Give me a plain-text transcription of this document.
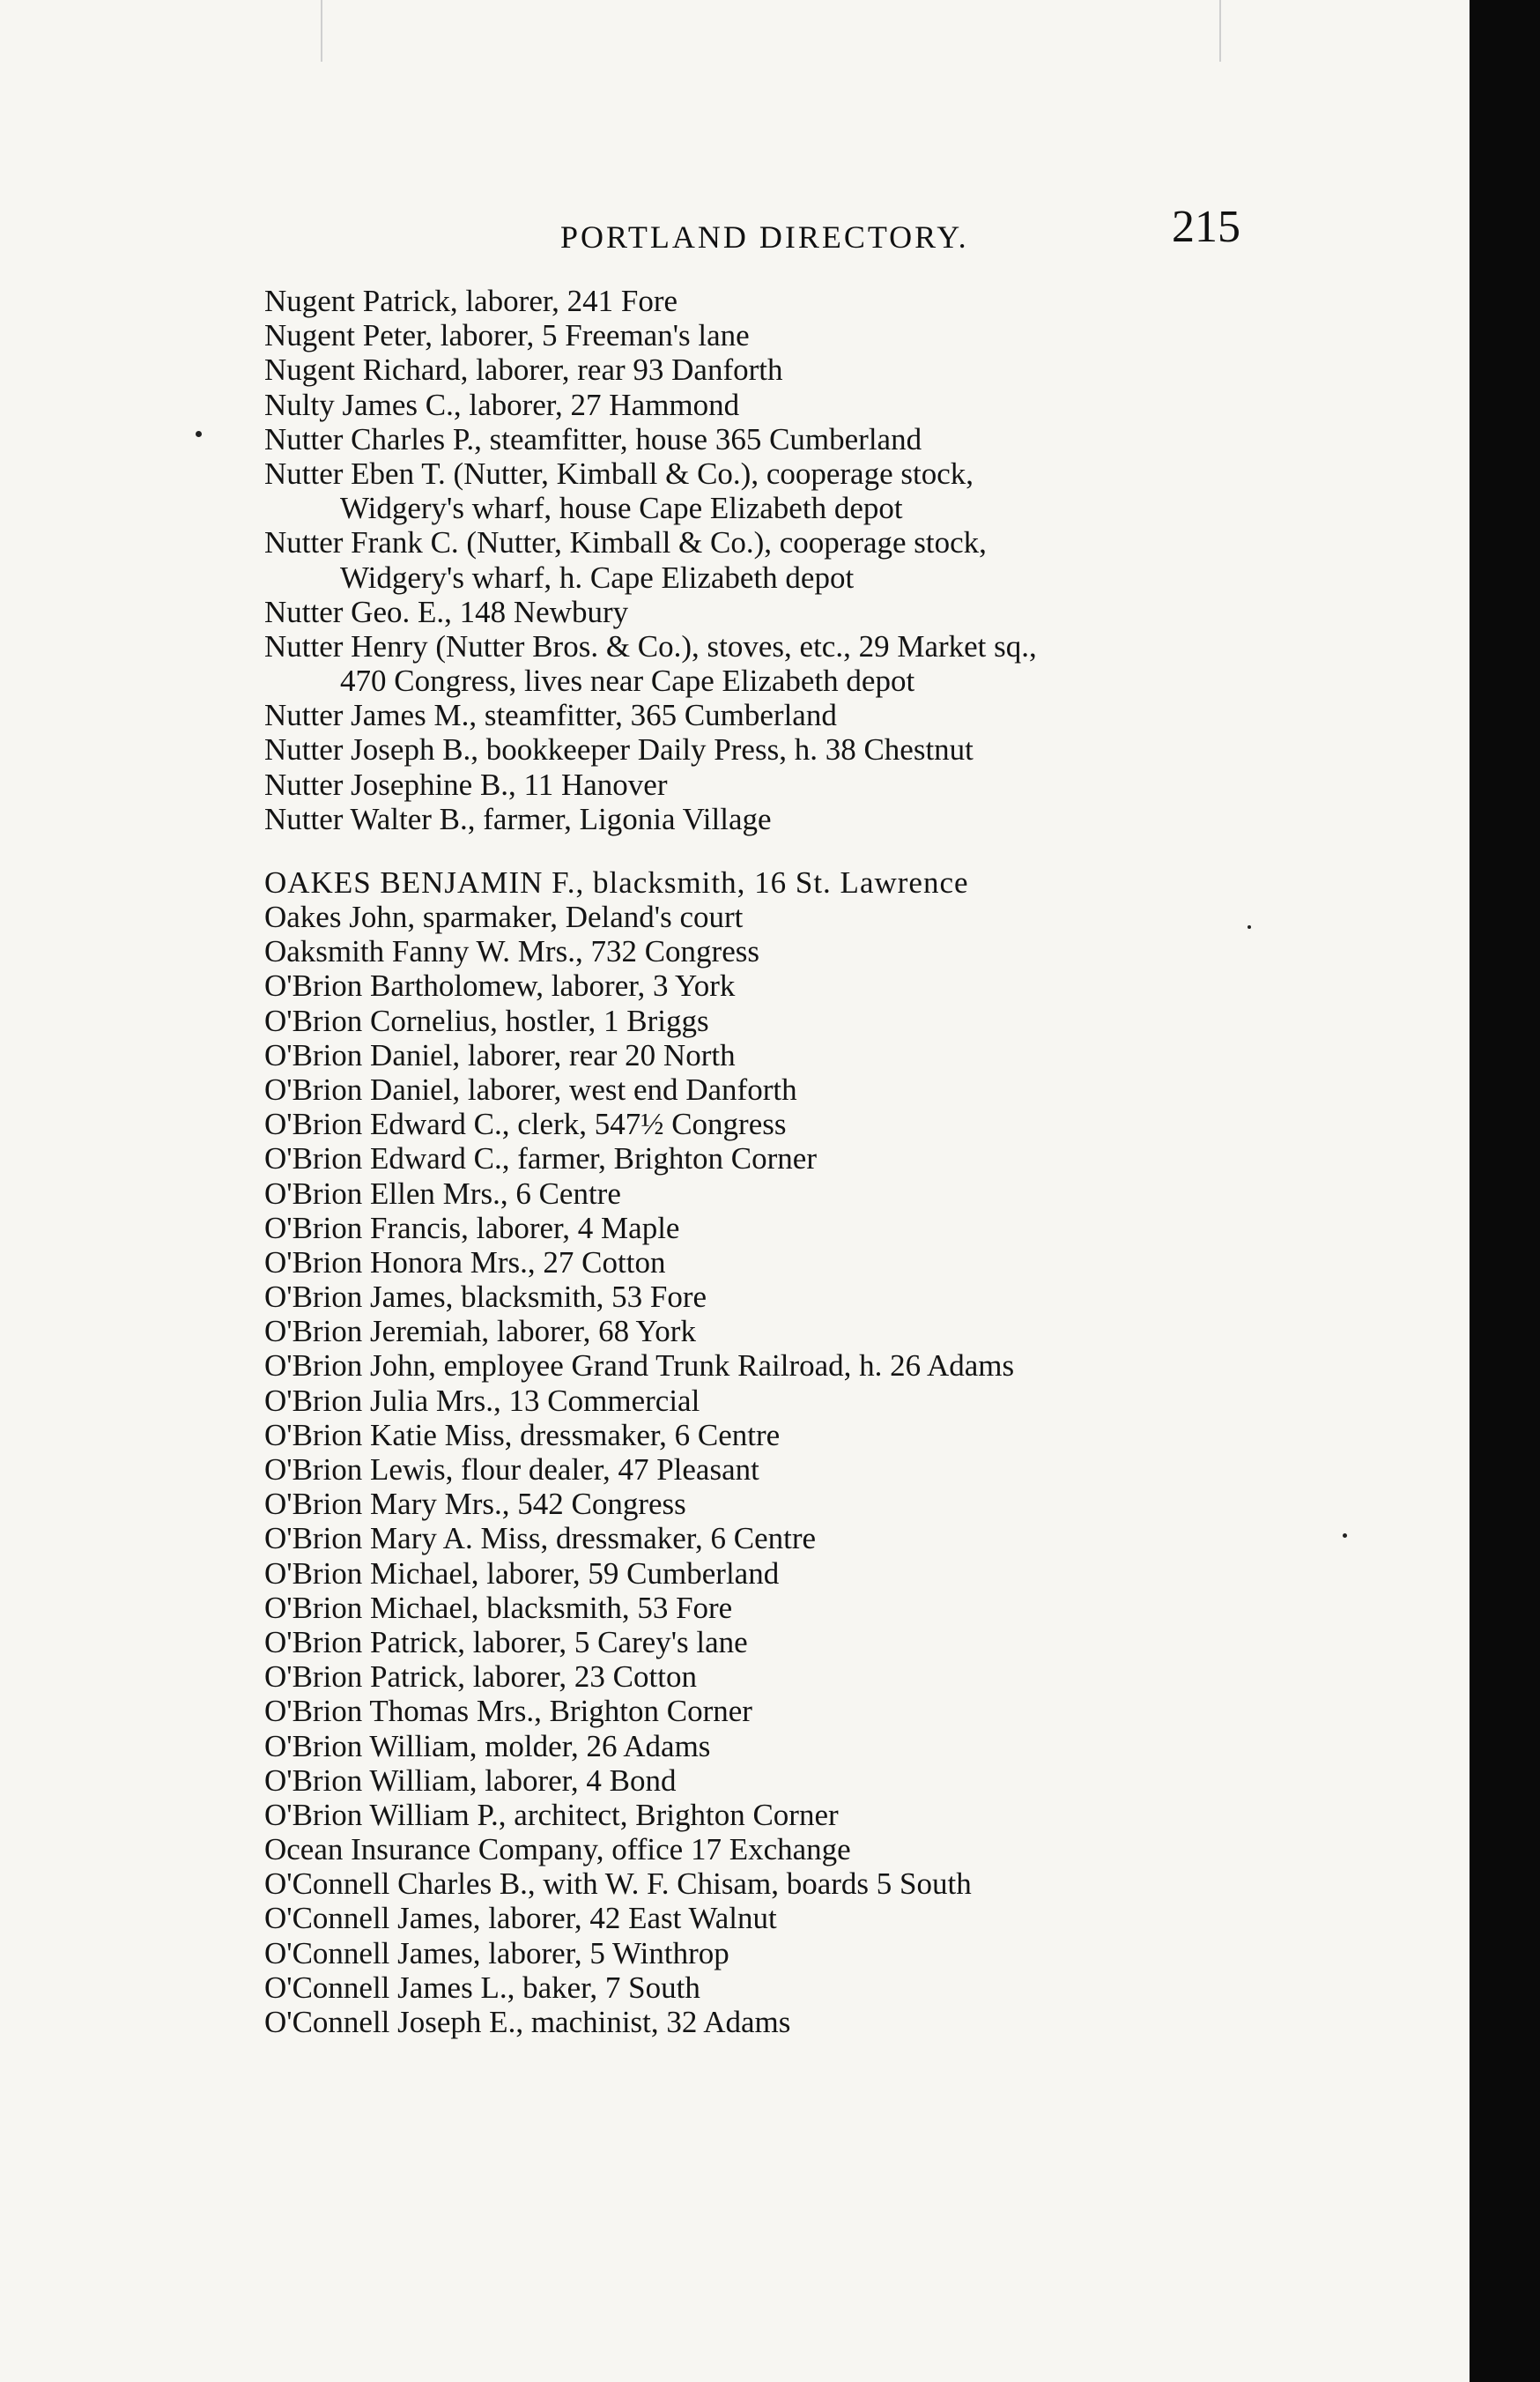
PORTLAND DIRECTORY.	215
Nugent Patrick, laborer, 241 Fore
Nugent Peter, laborer, 5 Freeman's lane
Nugent Richard, laborer, rear 93 Danforth
Nulty James C., laborer, 27 Hammond
Nutter Charles P., steamfitter, house 365 Cumberland
Nutter Eben T. (Nutter, Kimball & Co.), cooperage stock,
Widgery's wharf, house Cape Elizabeth depot
Nutter Frank C. (Nutter, Kimball & Co.), cooperage stock,
Widgery's wharf, h. Cape Elizabeth depot
Nutter Geo. E., 148 Newbury
Nutter Henry (Nutter Bros. & Co.), stoves, etc., 29 Market sq.,
470 Congress, lives near Cape Elizabeth depot
Nutter James M., steamfitter, 365 Cumberland
Nutter Joseph B., bookkeeper Daily Press, h. 38 Chestnut
Nutter Josephine B., 11 Hanover
Nutter Walter B., farmer, Ligonia Village
OAKES BENJAMIN F., blacksmith, 16 St. Lawrence
Oakes John, sparmaker, Deland's court
Oaksmith Fanny W. Mrs., 732 Congress
O'Brion Bartholomew, laborer, 3 York
O'Brion Cornelius, hostler, 1 Briggs
O'Brion Daniel, laborer, rear 20 North
O'Brion Daniel, laborer, west end Danforth
O'Brion Edward C., clerk, 547½ Congress
O'Brion Edward C., farmer, Brighton Corner
O'Brion Ellen Mrs., 6 Centre
O'Brion Francis, laborer, 4 Maple
O'Brion Honora Mrs., 27 Cotton
O'Brion James, blacksmith, 53 Fore
O'Brion Jeremiah, laborer, 68 York
O'Brion John, employee Grand Trunk Railroad, h. 26 Adams
O'Brion Julia Mrs., 13 Commercial
O'Brion Katie Miss, dressmaker, 6 Centre
O'Brion Lewis, flour dealer, 47 Pleasant
O'Brion Mary Mrs., 542 Congress
O'Brion Mary A. Miss, dressmaker, 6 Centre
O'Brion Michael, laborer, 59 Cumberland
O'Brion Michael, blacksmith, 53 Fore
O'Brion Patrick, laborer, 5 Carey's lane
O'Brion Patrick, laborer, 23 Cotton
O'Brion Thomas Mrs., Brighton Corner
O'Brion William, molder, 26 Adams
O'Brion William, laborer, 4 Bond
O'Brion William P., architect, Brighton Corner
Ocean Insurance Company, office 17 Exchange
O'Connell Charles B., with W. F. Chisam, boards 5 South
O'Connell James, laborer, 42 East Walnut
O'Connell James, laborer, 5 Winthrop
O'Connell James L., baker, 7 South
O'Connell Joseph E., machinist, 32 Adams
